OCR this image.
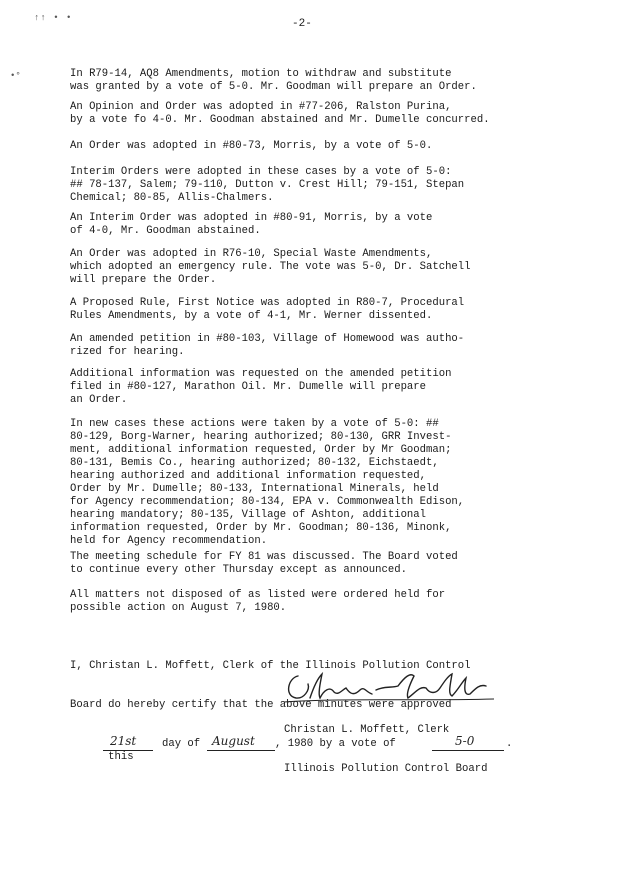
↑↑ • •
•°
-2-
In R79-14, AQ8 Amendments, motion to withdraw and substitute
was granted by a vote of 5-0. Mr. Goodman will prepare an Order.
An Opinion and Order was adopted in #77-206, Ralston Purina,
by a vote fo 4-0. Mr. Goodman abstained and Mr. Dumelle concurred.
An Order was adopted in #80-73, Morris, by a vote of 5-0.
Interim Orders were adopted in these cases by a vote of 5-0:
## 78-137, Salem; 79-110, Dutton v. Crest Hill; 79-151, Stepan
Chemical; 80-85, Allis-Chalmers.
An Interim Order was adopted in #80-91, Morris, by a vote
of 4-0, Mr. Goodman abstained.
An Order was adopted in R76-10, Special Waste Amendments,
which adopted an emergency rule. The vote was 5-0, Dr. Satchell
will prepare the Order.
A Proposed Rule, First Notice was adopted in R80-7, Procedural
Rules Amendments, by a vote of 4-1, Mr. Werner dissented.
An amended petition in #80-103, Village of Homewood was autho-
rized for hearing.
Additional information was requested on the amended petition
filed in #80-127, Marathon Oil. Mr. Dumelle will prepare
an Order.
In new cases these actions were taken by a vote of 5-0: ##
80-129, Borg-Warner, hearing authorized; 80-130, GRR Invest-
ment, additional information requested, Order by Mr Goodman;
80-131, Bemis Co., hearing authorized; 80-132, Eichstaedt,
hearing authorized and additional information requested,
Order by Mr. Dumelle; 80-133, International Minerals, held
for Agency recommendation; 80-134, EPA v. Commonwealth Edison,
hearing mandatory; 80-135, Village of Ashton, additional
information requested, Order by Mr. Goodman; 80-136, Minonk,
held for Agency recommendation.
The meeting schedule for FY 81 was discussed. The Board voted
to continue every other Thursday except as announced.
All matters not disposed of as listed were ordered held for
possible action on August 7, 1980.

I, Christan L. Moffett, Clerk of the Illinois Pollution Control

Board do hereby certify that the above minutes were approved

this

21st

day of

August

, 1980 by a vote of

	5-0

	.

Christan L. Moffett, Clerk

Illinois Pollution Control Board
